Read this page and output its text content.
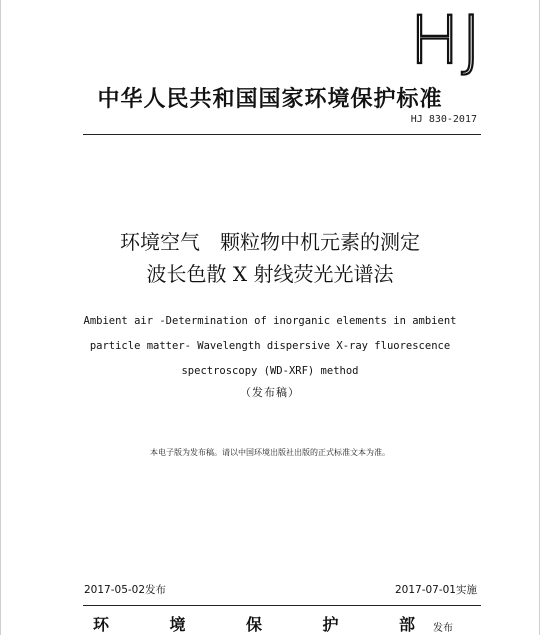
HJ
中华人民共和国国家环境保护标准
HJ 830-2017
环境空气　颗粒物中机元素的测定
波长色散 X 射线荧光光谱法
Ambient air -Determination of inorganic elements in ambient
particle matter- Wavelength dispersive X-ray fluorescence
spectroscopy (WD-XRF) method
（发布稿）
本电子版为发布稿。请以中国环境出版社出版的正式标准文本为准。
2017-05-02发布	2017-07-01实施
环	境	保	护	部 发布
